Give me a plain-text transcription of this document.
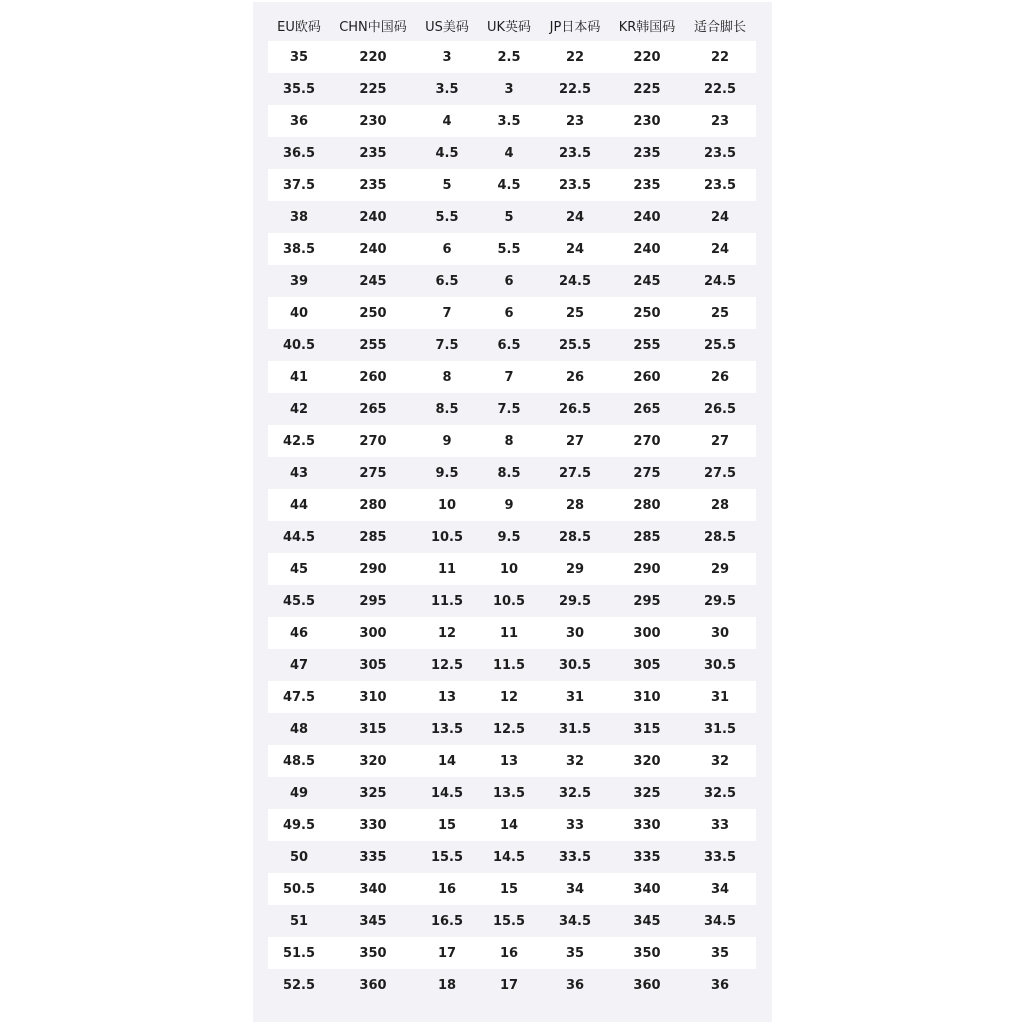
EU欧码	CHN中国码	US美码	UK英码	JP日本码	KR韩国码	适合脚长
35	220	3	2.5	22	220	22
35.5	225	3.5	3	22.5	225	22.5
36	230	4	3.5	23	230	23
36.5	235	4.5	4	23.5	235	23.5
37.5	235	5	4.5	23.5	235	23.5
38	240	5.5	5	24	240	24
38.5	240	6	5.5	24	240	24
39	245	6.5	6	24.5	245	24.5
40	250	7	6	25	250	25
40.5	255	7.5	6.5	25.5	255	25.5
41	260	8	7	26	260	26
42	265	8.5	7.5	26.5	265	26.5
42.5	270	9	8	27	270	27
43	275	9.5	8.5	27.5	275	27.5
44	280	10	9	28	280	28
44.5	285	10.5	9.5	28.5	285	28.5
45	290	11	10	29	290	29
45.5	295	11.5	10.5	29.5	295	29.5
46	300	12	11	30	300	30
47	305	12.5	11.5	30.5	305	30.5
47.5	310	13	12	31	310	31
48	315	13.5	12.5	31.5	315	31.5
48.5	320	14	13	32	320	32
49	325	14.5	13.5	32.5	325	32.5
49.5	330	15	14	33	330	33
50	335	15.5	14.5	33.5	335	33.5
50.5	340	16	15	34	340	34
51	345	16.5	15.5	34.5	345	34.5
51.5	350	17	16	35	350	35
52.5	360	18	17	36	360	36
